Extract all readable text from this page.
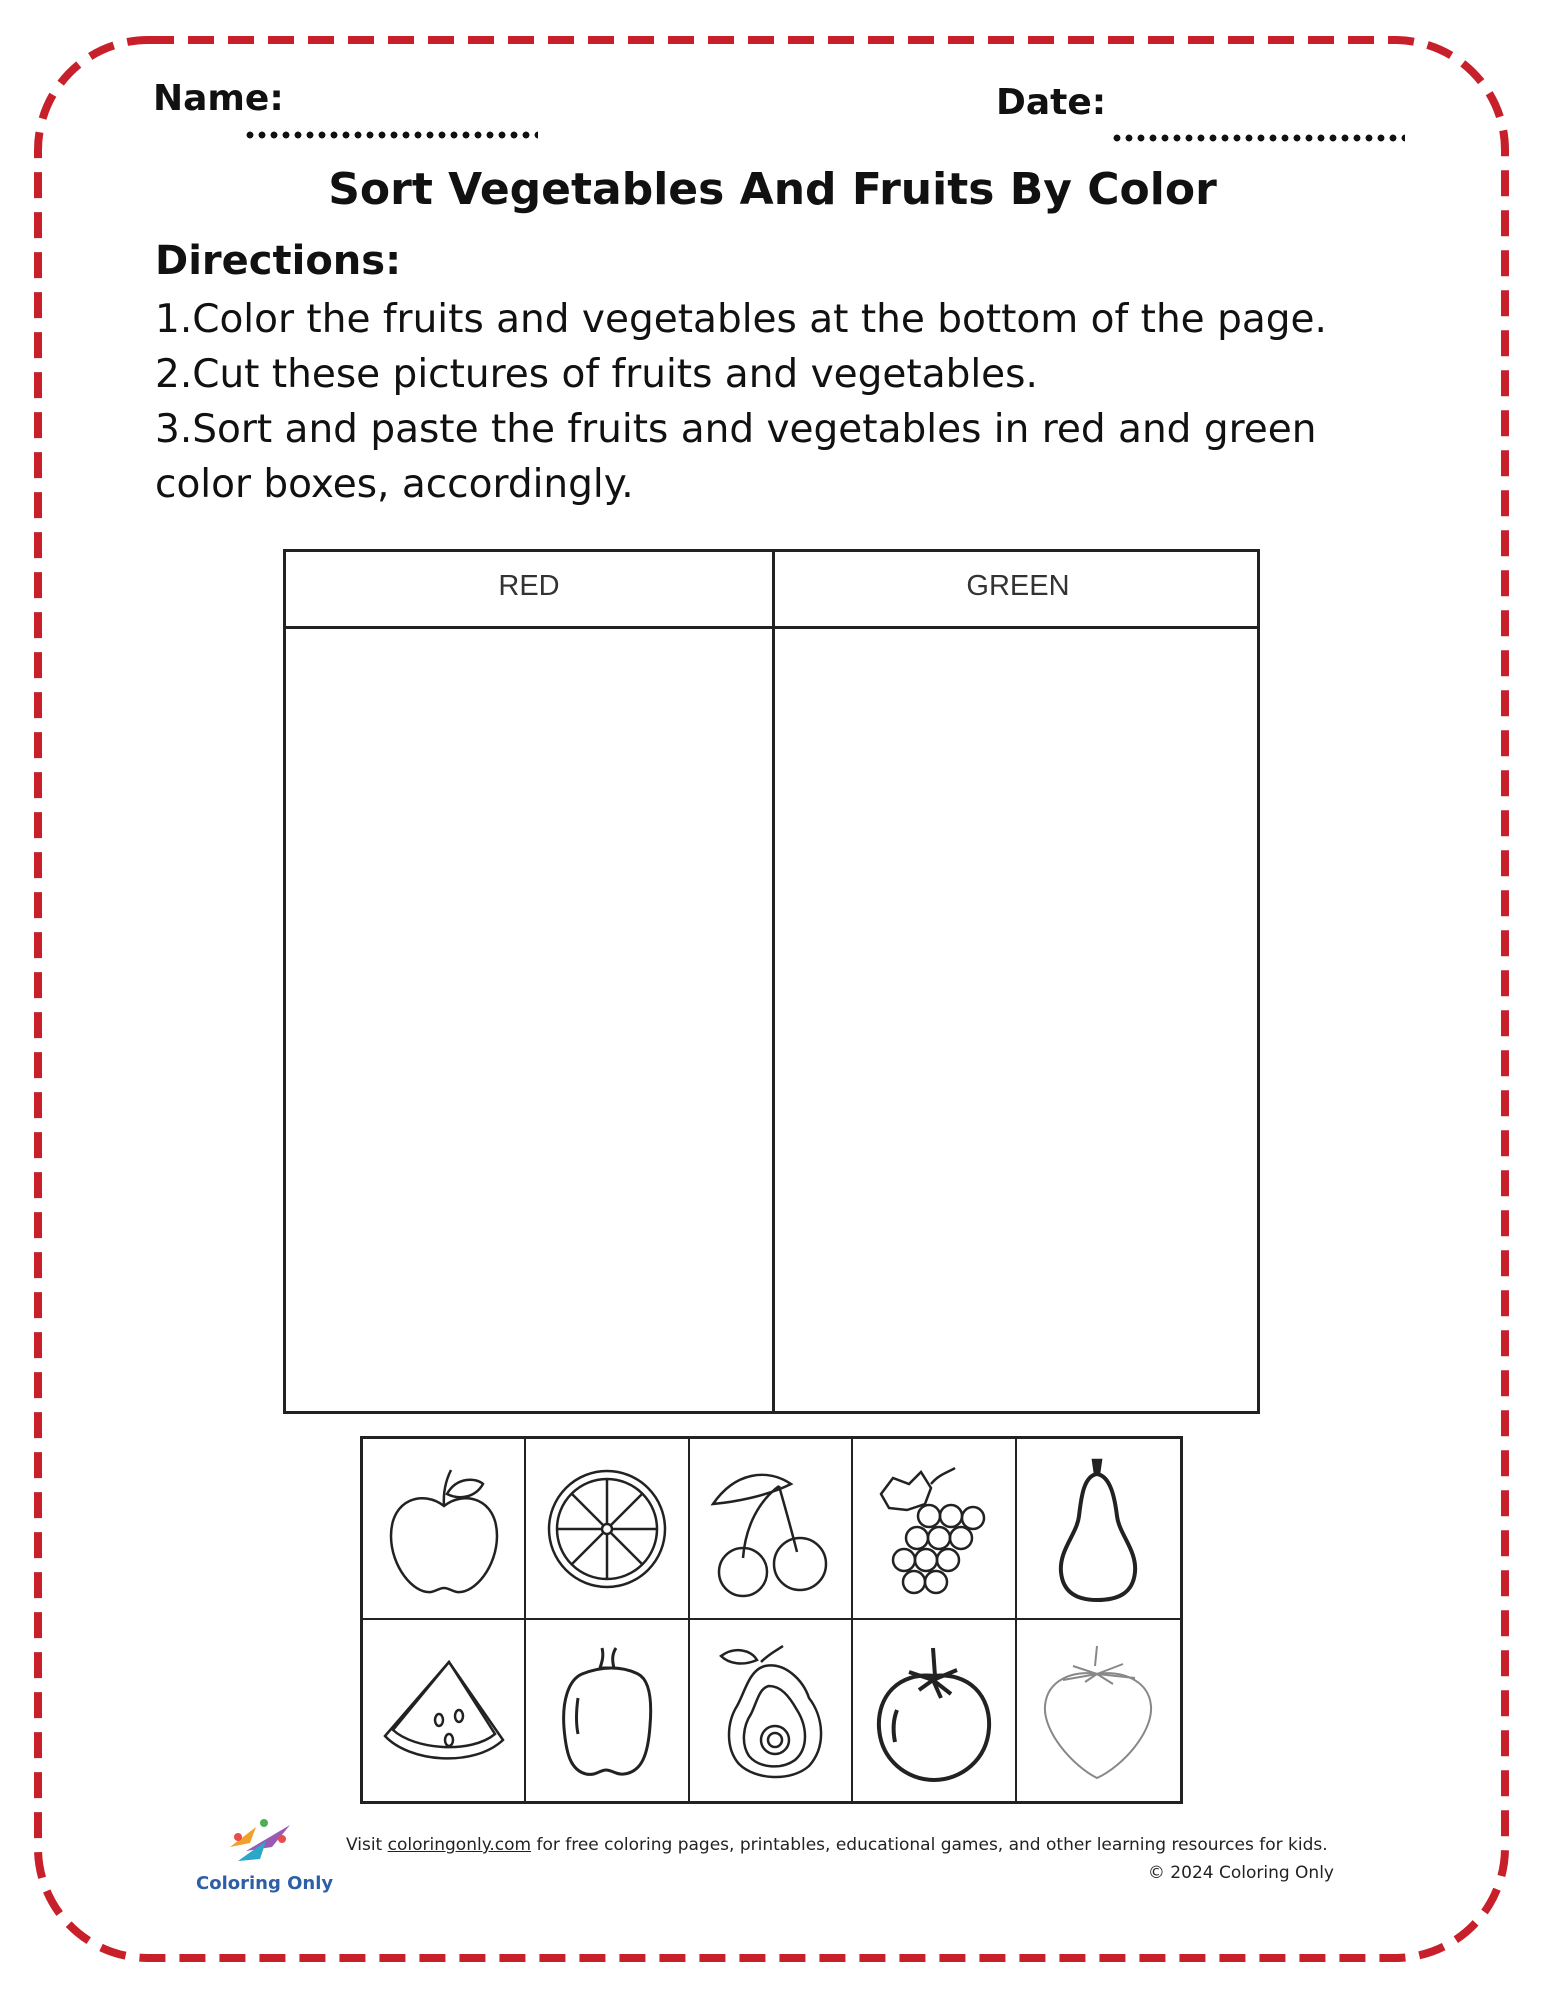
Name:	Date:
Sort Vegetables And Fruits By Color
Directions:
1.Color the fruits and vegetables at the bottom of the page.
2.Cut these pictures of fruits and vegetables.
3.Sort and paste the fruits and vegetables in red and green color boxes, accordingly.
RED	GREEN
Coloring Only
Visit coloringonly.com for free coloring pages, printables, educational games, and other learning resources for kids.
© 2024 Coloring Only
